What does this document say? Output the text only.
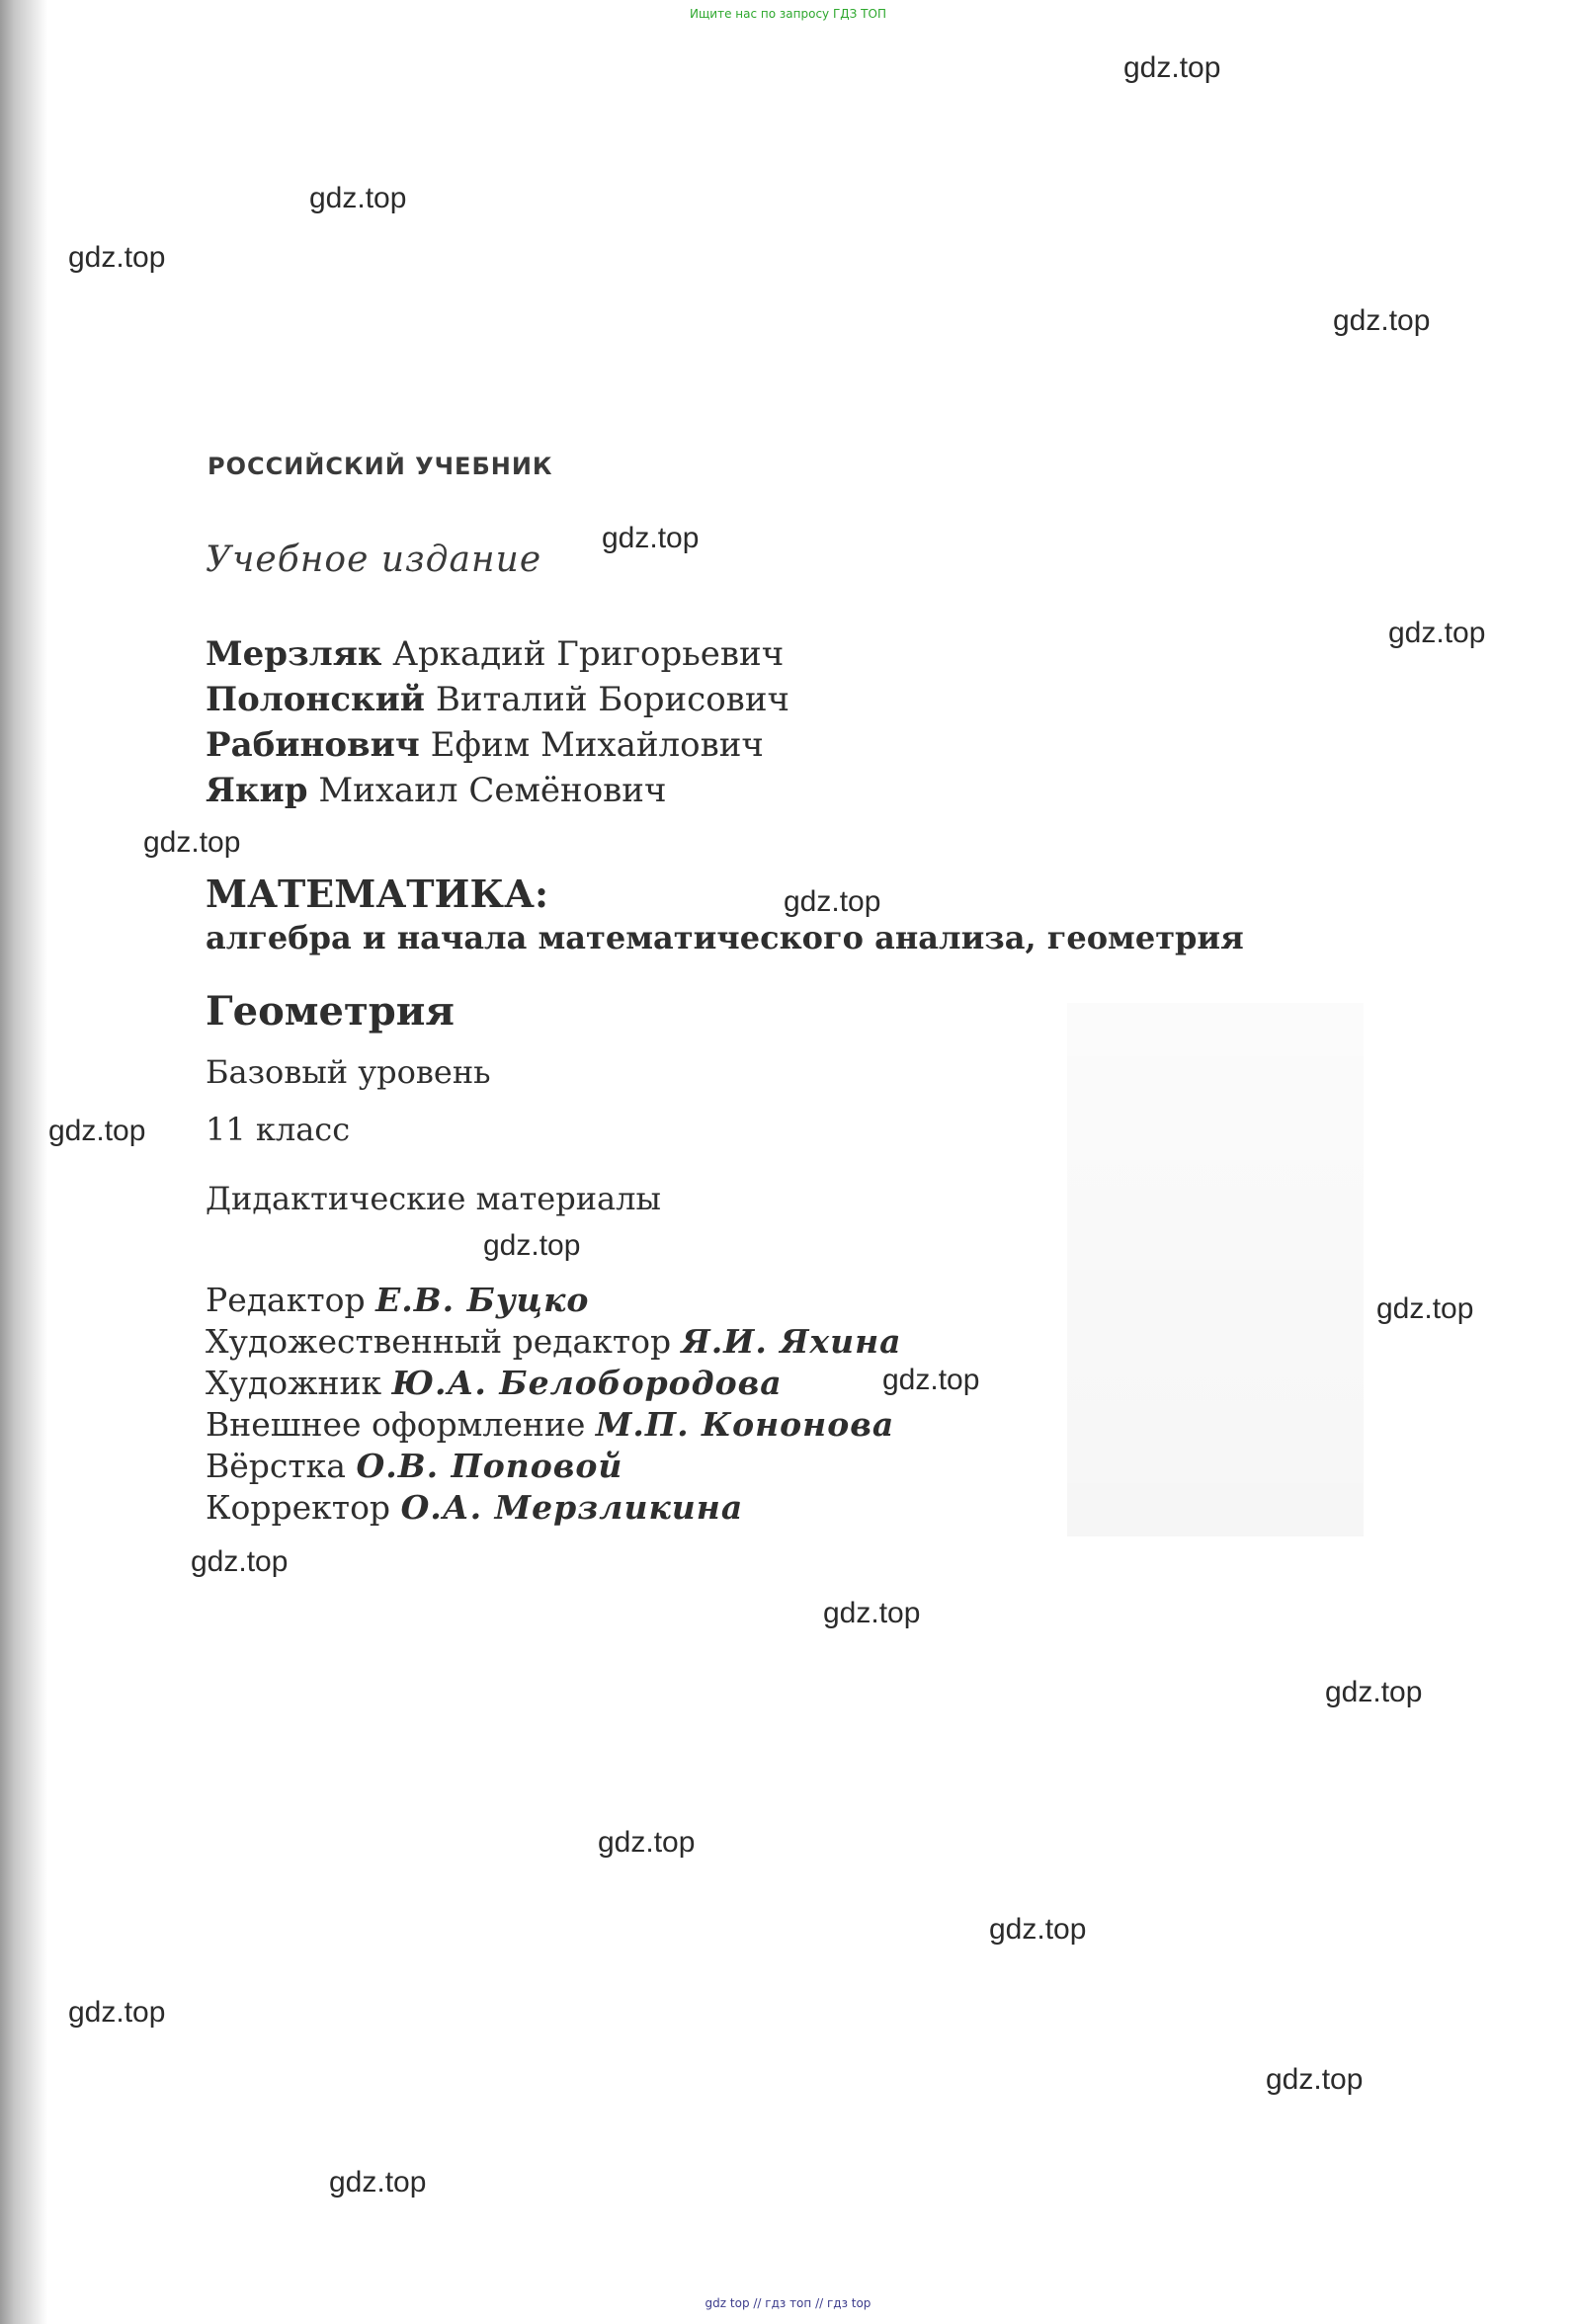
Ищите нас по запросу ГДЗ ТОП
gdz.top
gdz.top
gdz.top
gdz.top
gdz.top
gdz.top
gdz.top
gdz.top
gdz.top
gdz.top
gdz.top
gdz.top
gdz.top
gdz.top
gdz.top
gdz.top
gdz.top
gdz.top
gdz.top
gdz.top
РОССИЙСКИЙ УЧЕБНИК
Учебное издание
Мерзляк Аркадий Григорьевич
Полонский Виталий Борисович
Рабинович Ефим Михайлович
Якир Михаил Семёнович
МАТЕМАТИКА:
алгебра и начала математического анализа, геометрия
Геометрия
Базовый уровень
11 класс
Дидактические материалы
Редактор Е.В. Буцко
Художественный редактор Я.И. Яхина
Художник Ю.А. Белобородова
Внешнее оформление М.П. Кононова
Вёрстка О.В. Поповой
Корректор О.А. Мерзликина
gdz top // гдз топ // гдз top
